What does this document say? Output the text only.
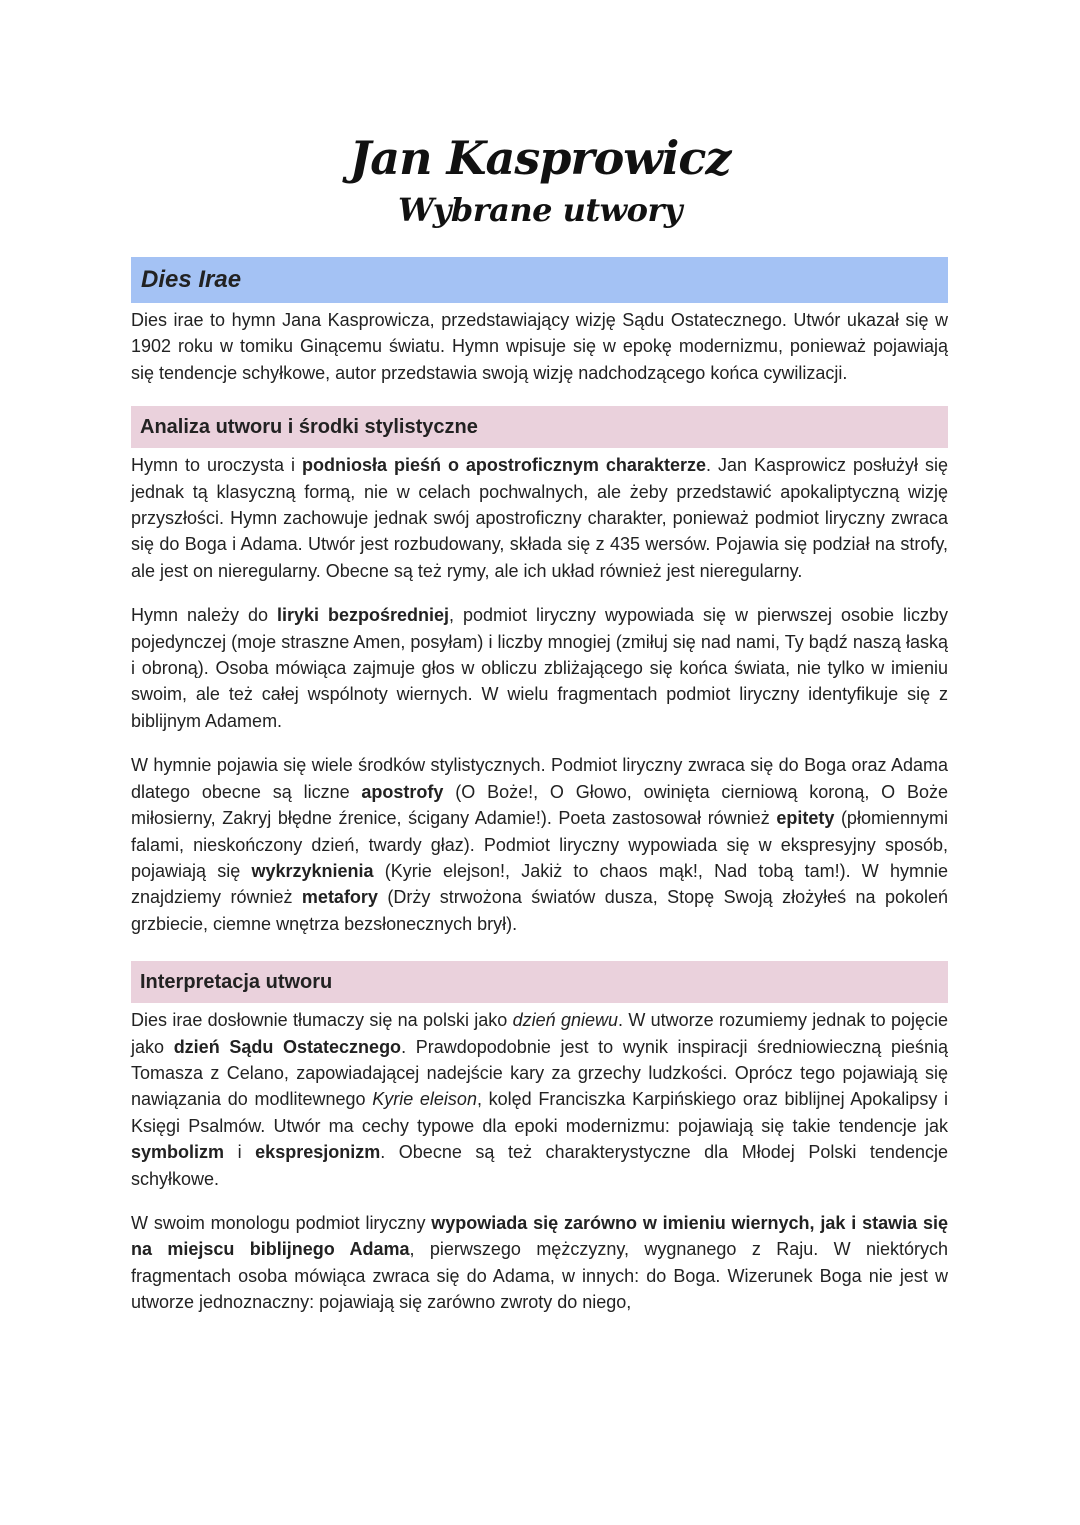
Jan Kasprowicz
Wybrane utwory
Dies Irae

Dies irae to hymn Jana Kasprowicza, przedstawiający wizję Sądu Ostatecznego. Utwór ukazał się w 1902 roku w tomiku Ginącemu światu. Hymn wpisuje się w epokę modernizmu, ponieważ pojawiają się tendencje schyłkowe, autor przedstawia swoją wizję nadchodzącego końca cywilizacji.

Analiza utworu i środki stylistyczne

Hymn to uroczysta i podniosła pieśń o apostroficznym charakterze. Jan Kasprowicz posłużył się jednak tą klasyczną formą, nie w celach pochwalnych, ale żeby przedstawić apokaliptyczną wizję przyszłości. Hymn zachowuje jednak swój apostroficzny charakter, ponieważ podmiot liryczny zwraca się do Boga i Adama. Utwór jest rozbudowany, składa się z 435 wersów. Pojawia się podział na strofy, ale jest on nieregularny. Obecne są też rymy, ale ich układ również jest nieregularny.

Hymn należy do liryki bezpośredniej, podmiot liryczny wypowiada się w pierwszej osobie liczby pojedynczej (moje straszne Amen, posyłam) i liczby mnogiej (zmiłuj się nad nami, Ty bądź naszą łaską i obroną). Osoba mówiąca zajmuje głos w obliczu zbliżającego się końca świata, nie tylko w imieniu swoim, ale też całej wspólnoty wiernych. W wielu fragmentach podmiot liryczny identyfikuje się z biblijnym Adamem.

W hymnie pojawia się wiele środków stylistycznych. Podmiot liryczny zwraca się do Boga oraz Adama dlatego obecne są liczne apostrofy (O Boże!, O Głowo, owinięta cierniową koroną, O Boże miłosierny, Zakryj błędne źrenice, ścigany Adamie!). Poeta zastosował również epitety (płomiennymi falami, nieskończony dzień, twardy głaz). Podmiot liryczny wypowiada się w ekspresyjny sposób, pojawiają się wykrzyknienia (Kyrie elejson!, Jakiż to chaos mąk!, Nad tobą tam!). W hymnie znajdziemy również metafory (Drży strwożona światów dusza, Stopę Swoją złożyłeś na pokoleń grzbiecie, ciemne wnętrza bezsłonecznych brył).

Interpretacja utworu

Dies irae dosłownie tłumaczy się na polski jako dzień gniewu. W utworze rozumiemy jednak to pojęcie jako dzień Sądu Ostatecznego. Prawdopodobnie jest to wynik inspiracji średniowieczną pieśnią Tomasza z Celano, zapowiadającej nadejście kary za grzechy ludzkości. Oprócz tego pojawiają się nawiązania do modlitewnego Kyrie eleison, kolęd Franciszka Karpińskiego oraz biblijnej Apokalipsy i Księgi Psalmów. Utwór ma cechy typowe dla epoki modernizmu: pojawiają się takie tendencje jak symbolizm i ekspresjonizm. Obecne są też charakterystyczne dla Młodej Polski tendencje schyłkowe.

W swoim monologu podmiot liryczny wypowiada się zarówno w imieniu wiernych, jak i stawia się na miejscu biblijnego Adama, pierwszego mężczyzny, wygnanego z Raju. W niektórych fragmentach osoba mówiąca zwraca się do Adama, w innych: do Boga. Wizerunek Boga nie jest w utworze jednoznaczny: pojawiają się zarówno zwroty do niego,
